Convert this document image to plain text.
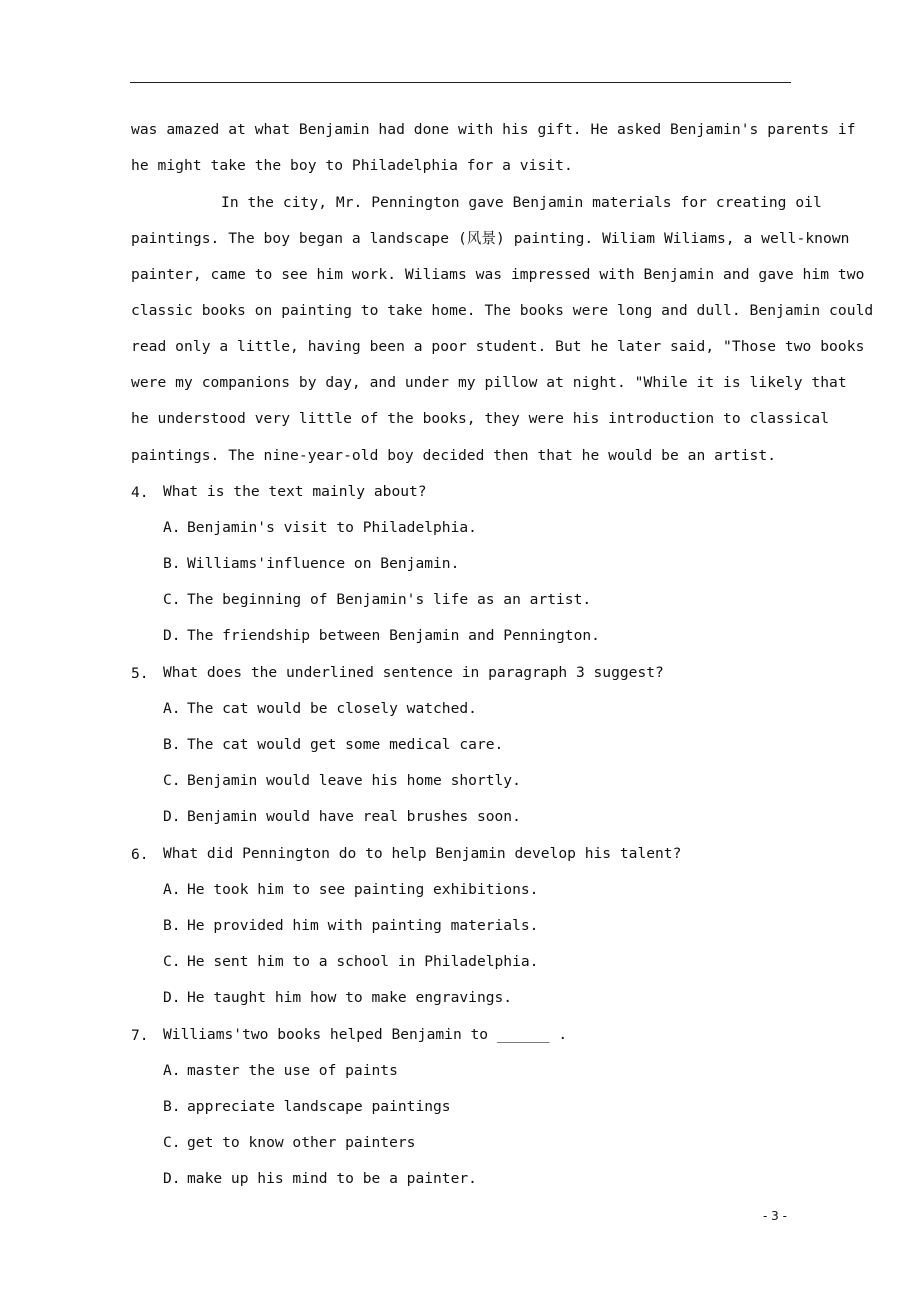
was amazed at what Benjamin had done with his gift. He asked Benjamin's parents if
he might take the boy to Philadelphia for a visit.
In the city, Mr. Pennington gave Benjamin materials for creating oil
paintings. The boy began a landscape (风景) painting. Wiliam Wiliams, a well-known
painter, came to see him work. Wiliams was impressed with Benjamin and gave him two
classic books on painting to take home. The books were long and dull. Benjamin could
read only a little, having been a poor student. But he later said, "Those two books
were my companions by day, and under my pillow at night. "While it is likely that
he understood very little of the books, they were his introduction to classical
paintings. The nine-year-old boy decided then that he would be an artist.
4. What is the text mainly about?
A. Benjamin's visit to Philadelphia.
B. Williams'influence on Benjamin.
C. The beginning of Benjamin's life as an artist.
D. The friendship between Benjamin and Pennington.
5. What does the underlined sentence in paragraph 3 suggest?
A. The cat would be closely watched.
B. The cat would get some medical care.
C. Benjamin would leave his home shortly.
D. Benjamin would have real brushes soon.
6. What did Pennington do to help Benjamin develop his talent?
A. He took him to see painting exhibitions.
B. He provided him with painting materials.
C. He sent him to a school in Philadelphia.
D. He taught him how to make engravings.
7. Williams'two books helped Benjamin to ______ .
A. master the use of paints
B. appreciate landscape paintings
C. get to know other painters
D. make up his mind to be a painter.
- 3 -
